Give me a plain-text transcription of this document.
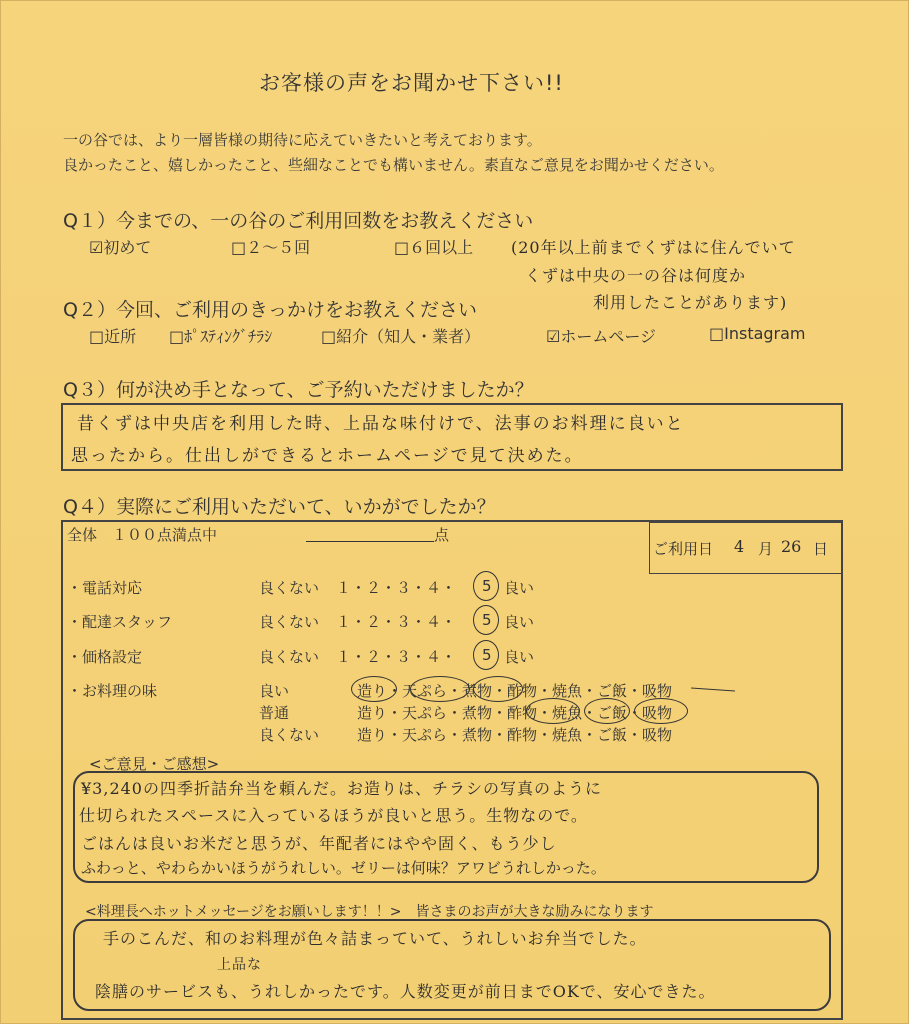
お客様の声をお聞かせ下さい!!
一の谷では、より一層皆様の期待に応えていきたいと考えております。
良かったこと、嬉しかったこと、些細なことでも構いません。素直なご意見をお聞かせください。
Q１）今までの、一の谷のご利用回数をお教えください
☑初めて	□２～５回	□６回以上 (20年以上前までくずはに住んでいて
くずは中央の一の谷は何度か
利用したことがあります)
Q２）今回、ご利用のきっかけをお教えください
□近所 □ﾎﾟｽﾃｨﾝｸﾞﾁﾗｼ	□紹介（知人・業者）	☑ホームページ	□Instagram
Q３）何が決め手となって、ご予約いただけましたか？
昔くずは中央店を利用した時、上品な味付けで、法事のお料理に良いと
思ったから。仕出しができるとホームページで見て決めた。
Q４）実際にご利用いただいて、いかがでしたか？
全体　１００点満点中	点
ご利用日 4 月 26 日
・電話対応	良くない １・２・３・４・ 5 良い
・配達スタッフ	良くない １・２・３・４・ 5 良い
・価格設定	良くない １・２・３・４・ 5 良い
・お料理の味	良い	造り・天ぷら・煮物・酢物・焼魚・ご飯・吸物
普通	造り・天ぷら・煮物・酢物・焼魚・ご飯・吸物
良くない	造り・天ぷら・煮物・酢物・焼魚・ご飯・吸物
<ご意見・ご感想>
¥3,240の四季折詰弁当を頼んだ。お造りは、チラシの写真のように
仕切られたスペースに入っているほうが良いと思う。生物なので。
ごはんは良いお米だと思うが、年配者にはやや固く、もう少し
ふわっと、やわらかいほうがうれしい。ゼリーは何味？アワビうれしかった。
<料理長へホットメッセージをお願いします！！>　皆さまのお声が大きな励みになります
手のこんだ、和のお料理が色々詰まっていて、うれしいお弁当でした。
上品な
陰膳のサービスも、うれしかったです。人数変更が前日までOKで、安心できた。
